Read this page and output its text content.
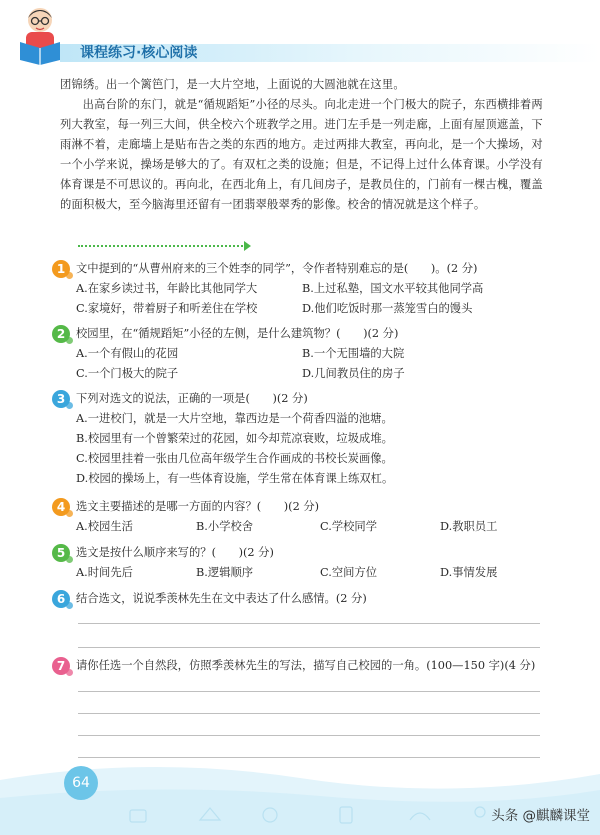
课程练习·核心阅读

团锦绣。出一个篱笆门，是一大片空地，上面说的大圆池就在这里。

出高台阶的东门，就是“循规蹈矩”小径的尽头。向北走进一个门极大的院子，东西横排着两列大教室，每一列三大间，供全校六个班教学之用。进门左手是一列走廊，上面有屋顶遮盖，下雨淋不着，走廊墙上是贴布告之类的东西的地方。走过两排大教室，再向北，是一个大操场，对一个小学来说，操场是够大的了。有双杠之类的设施；但是，不记得上过什么体育课。小学没有体育课是不可思议的。再向北，在西北角上，有几间房子，是教员住的，门前有一棵古槐，覆盖的面积极大，至今脑海里还留有一团翡翠般翠秀的影像。校舍的情况就是这个样子。

1 文中提到的“从曹州府来的三个姓李的同学”，令作者特别难忘的是(　　)。(2 分)
A.在家乡读过书，年龄比其他同学大	B.上过私塾，国文水平较其他同学高
C.家境好，带着厨子和听差住在学校	D.他们吃饭时那一蒸笼雪白的馒头
2 校园里，在“循规蹈矩”小径的左侧，是什么建筑物？(　　)(2 分)
A.一个有假山的花园	B.一个无围墙的大院
C.一个门极大的院子	D.几间教员住的房子
3 下列对选文的说法，正确的一项是(　　)(2 分)
A.一进校门，就是一大片空地，靠西边是一个荷香四溢的池塘。
B.校园里有一个曾繁荣过的花园，如今却荒凉衰败，垃圾成堆。
C.校园里挂着一张由几位高年级学生合作画成的书校长炭画像。
D.校园的操场上，有一些体育设施，学生常在体育课上练双杠。
4 选文主要描述的是哪一方面的内容？(　　)(2 分)
A.校园生活	B.小学校舍	C.学校同学	D.教职员工
5 选文是按什么顺序来写的？(　　)(2 分)
A.时间先后	B.逻辑顺序	C.空间方位	D.事情发展
6 结合选文，说说季羡林先生在文中表达了什么感情。(2 分)
7 请你任选一个自然段，仿照季羡林先生的写法，描写自己校园的一角。(100—150 字)(4 分)
64
头条 @麒麟课堂
